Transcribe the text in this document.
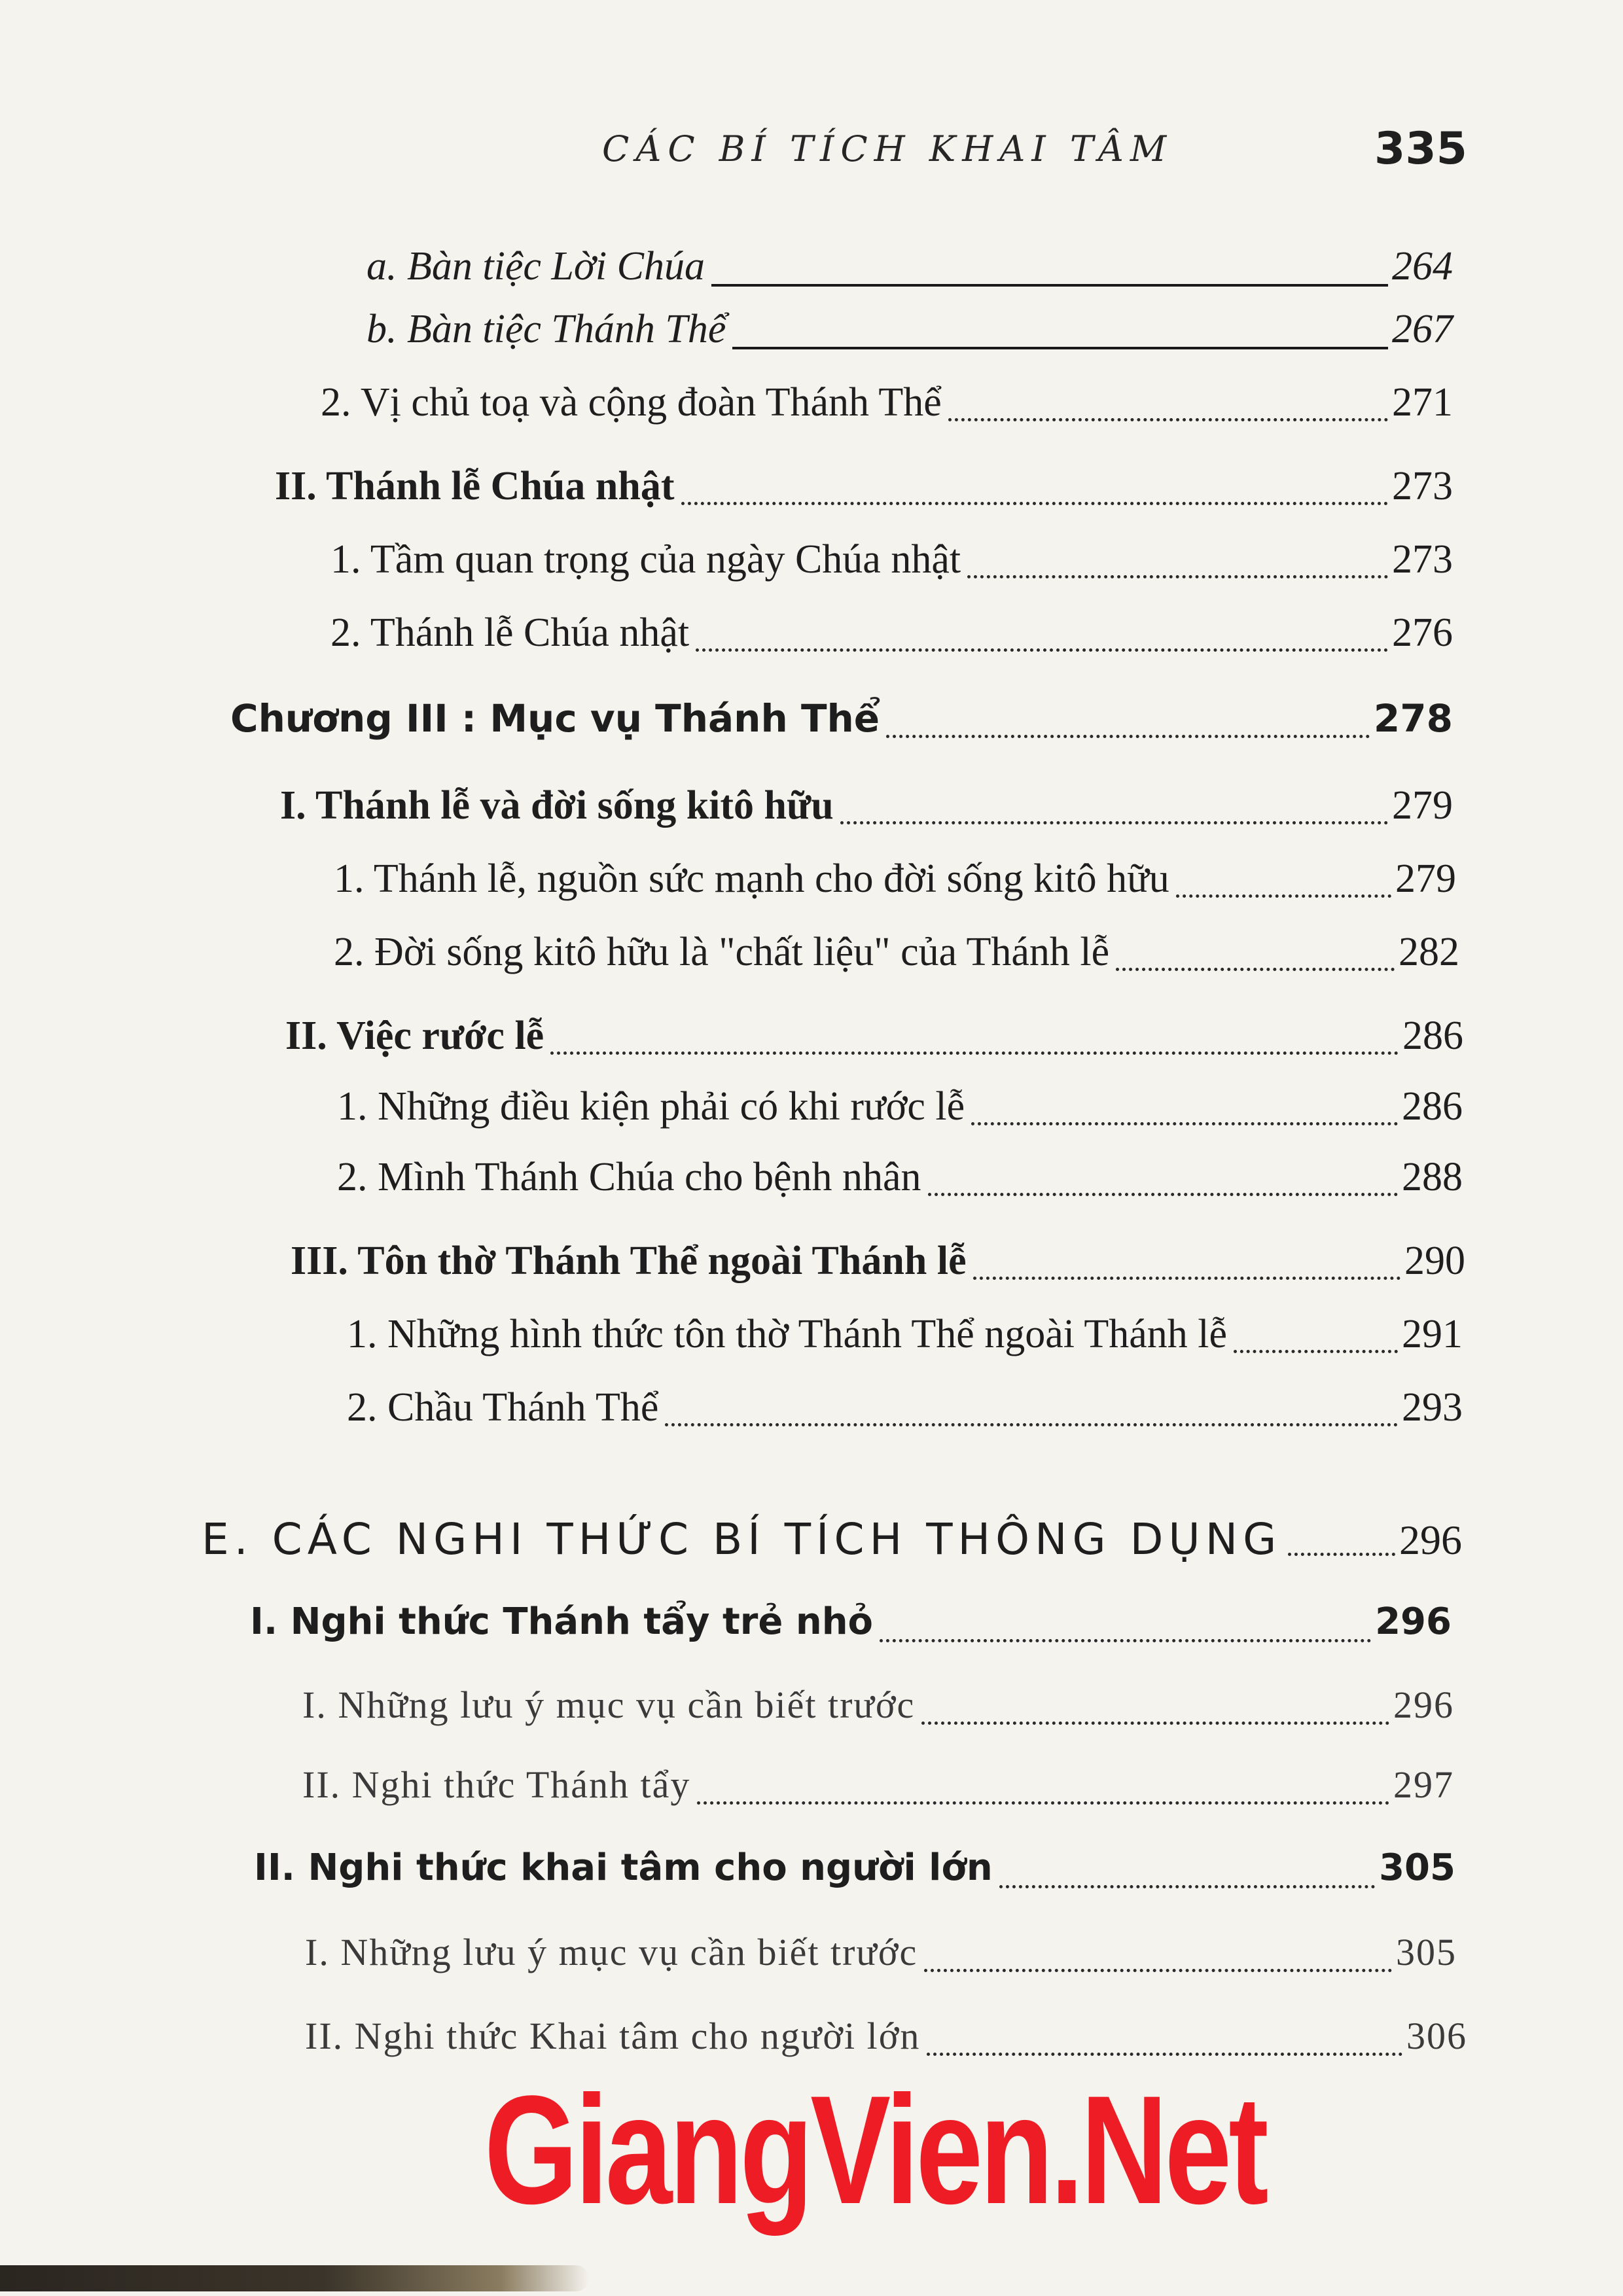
CÁC BÍ TÍCH KHAI TÂM	335
a. Bàn tiệc Lời Chúa	264
b. Bàn tiệc Thánh Thể	267
2. Vị chủ toạ và cộng đoàn Thánh Thể	271
II. Thánh lễ Chúa nhật	273
1. Tầm quan trọng của ngày Chúa nhật	273
2. Thánh lễ Chúa nhật	276
Chương III : Mục vụ Thánh Thể	278
I. Thánh lễ và đời sống kitô hữu	279
1. Thánh lễ, nguồn sức mạnh cho đời sống kitô hữu	279
2. Đời sống kitô hữu là "chất liệu" của Thánh lễ	282
II. Việc rước lễ	286
1. Những điều kiện phải có khi rước lễ	286
2. Mình Thánh Chúa cho bệnh nhân	288
III. Tôn thờ Thánh Thể ngoài Thánh lễ	290
1. Những hình thức tôn thờ Thánh Thể ngoài Thánh lễ	291
2. Chầu Thánh Thể	293
E. CÁC NGHI THỨC BÍ TÍCH THÔNG DỤNG	296
I. Nghi thức Thánh tẩy trẻ nhỏ	296
I. Những lưu ý mục vụ cần biết trước	296
II. Nghi thức Thánh tẩy	297
II. Nghi thức khai tâm cho người lớn	305
I. Những lưu ý mục vụ cần biết trước	305
II. Nghi thức Khai tâm cho người lớn	306
GiangVien.Net
